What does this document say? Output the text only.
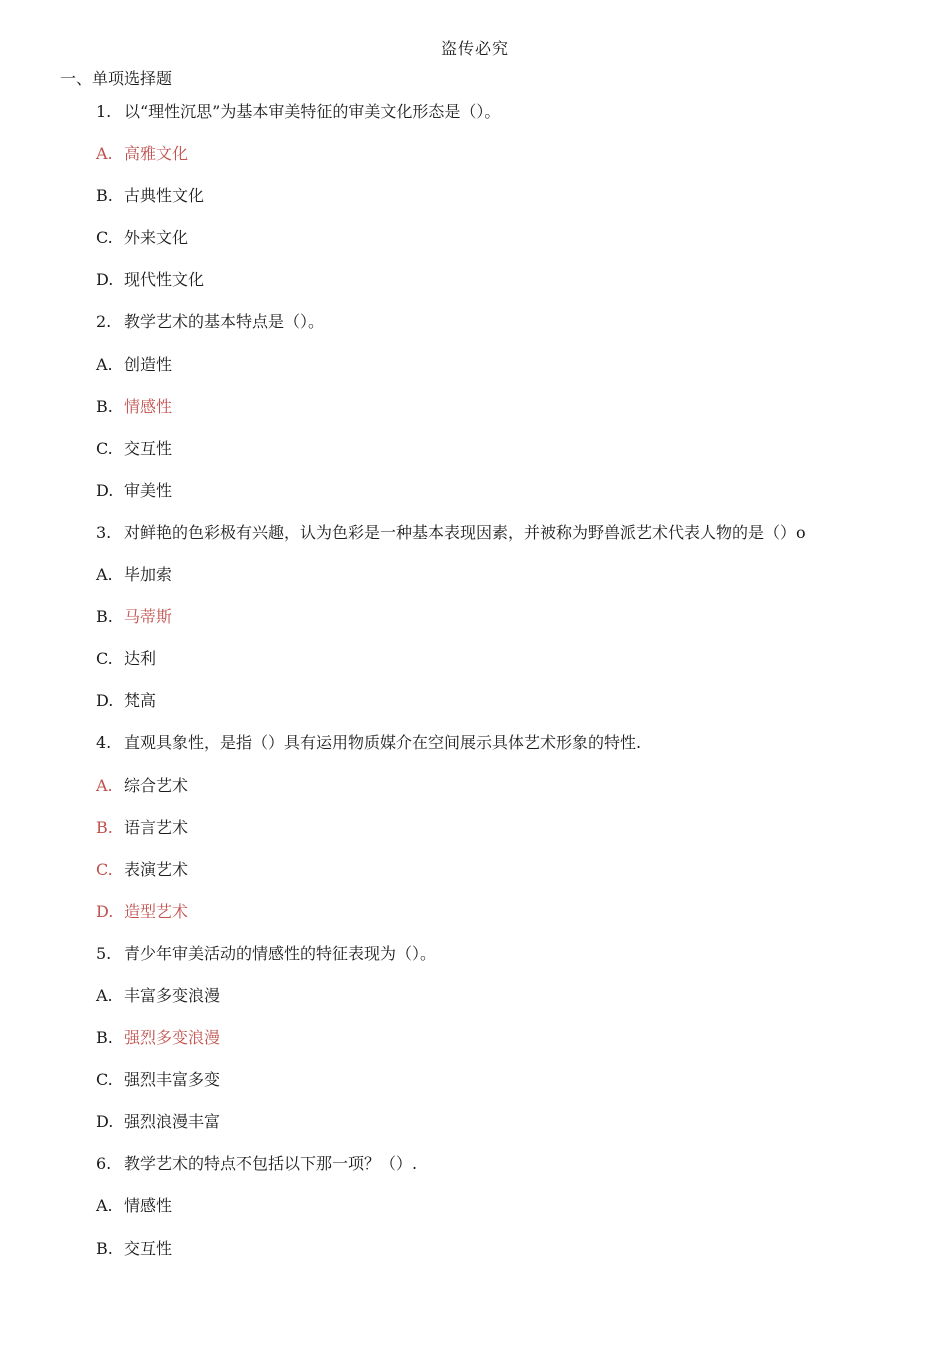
盗传必究
一、单项选择题
1. 以“理性沉思”为基本审美特征的审美文化形态是（）。
A. 高雅文化
B. 古典性文化
C. 外来文化
D. 现代性文化
2. 教学艺术的基本特点是（）。
A. 创造性
B. 情感性
C. 交互性
D. 审美性
3. 对鲜艳的色彩极有兴趣，认为色彩是一种基本表现因素，并被称为野兽派艺术代表人物的是（）o
A. 毕加索
B. 马蒂斯
C. 达利
D. 梵高
4. 直观具象性，是指（）具有运用物质媒介在空间展示具体艺术形象的特性.
A. 综合艺术
B. 语言艺术
C. 表演艺术
D. 造型艺术
5. 青少年审美活动的情感性的特征表现为（）。
A. 丰富多变浪漫
B. 强烈多变浪漫
C. 强烈丰富多变
D. 强烈浪漫丰富
6. 教学艺术的特点不包括以下那一项？（）.
A. 情感性
B. 交互性
